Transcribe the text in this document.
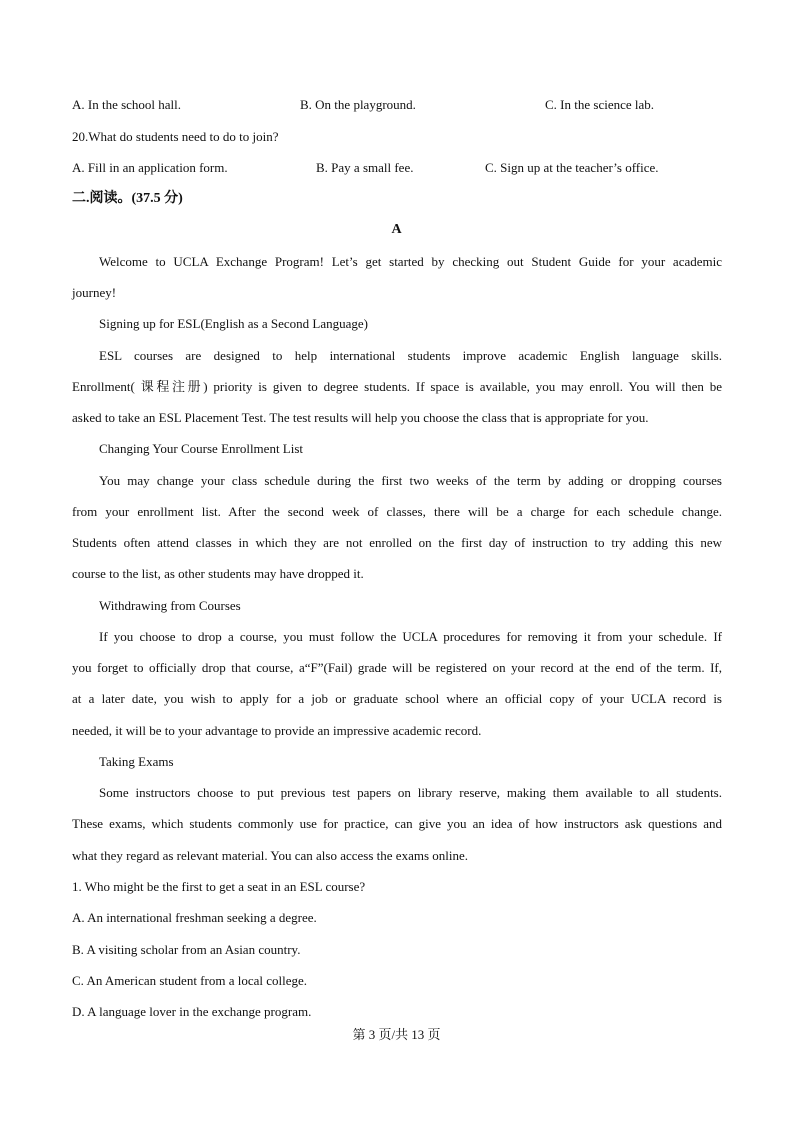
A. In the school hall.	B. On the playground.	C. In the science lab.
20.What do students need to do to join?
A. Fill in an application form.	B. Pay a small fee.	C. Sign up at the teacher’s office.
二.阅读。(37.5 分)
A
Welcome to UCLA Exchange Program! Let’s get started by checking out Student Guide for your academic
journey!
Signing up for ESL(English as a Second Language)
ESL courses are designed to help international students improve academic English language skills.
Enrollment( 课程注册) priority is given to degree students. If space is available, you may enroll. You will then be
asked to take an ESL Placement Test. The test results will help you choose the class that is appropriate for you.
Changing Your Course Enrollment List
You may change your class schedule during the first two weeks of the term by adding or dropping courses
from your enrollment list. After the second week of classes, there will be a charge for each schedule change.
Students often attend classes in which they are not enrolled on the first day of instruction to try adding this new
course to the list, as other students may have dropped it.
Withdrawing from Courses
If you choose to drop a course, you must follow the UCLA procedures for removing it from your schedule. If
you forget to officially drop that course, a“F”(Fail) grade will be registered on your record at the end of the term. If,
at a later date, you wish to apply for a job or graduate school where an official copy of your UCLA record is
needed, it will be to your advantage to provide an impressive academic record.
Taking Exams
Some instructors choose to put previous test papers on library reserve, making them available to all students.
These exams, which students commonly use for practice, can give you an idea of how instructors ask questions and
what they regard as relevant material. You can also access the exams online.
1. Who might be the first to get a seat in an ESL course?
A. An international freshman seeking a degree.
B. A visiting scholar from an Asian country.
C. An American student from a local college.
D. A language lover in the exchange program.
第 3 页/共 13 页
